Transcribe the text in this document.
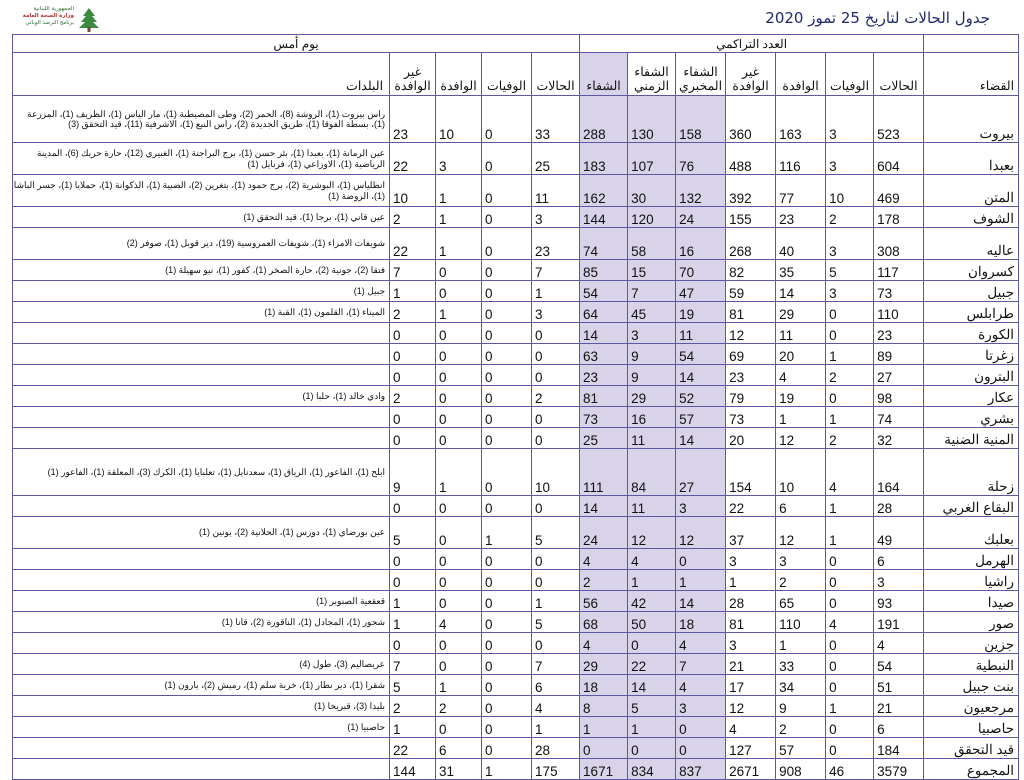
الجمهورية اللبنانية
وزارة الصحة العامة
برنامج الترصد الوبائي	جدول الحالات لتاريخ 25 تموز 2020
	العدد التراكمي							يوم أمس				
القضاء	الحالات	الوفيات	الوافدة	غير الوافدة	الشفاء المخبري	الشفاء الزمني	الشفاء	الحالات	الوفيات	الوافدة	غير الوافدة	البلدات
بيروت	523	3	163	360	158	130	288	33	0	10	23	راس بيروت (1)، الروشة (8)، الحمر (2)، وطى المصيطبة (1)، مار الياس (1)، الظريف (1)، المزرعة (1)، بسطة الفوقا (1)، طريق الجديدة (2)، راس النبع (1)، الاشرفية (11)، قيد التحقق (3)
بعبدا	604	3	116	488	76	107	183	25	0	3	22	عين الرمانة (1)، بعبدا (1)، بئر حسن (1)، برج البراجنة (1)، الغبيري (12)، حارة حريك (6)، المدينة الرياضية (1)، الاوزاعي (1)، فرنايل (1)
المتن	469	10	77	392	132	30	162	11	0	1	10	انطلياس (1)، البوشرية (2)، برج حمود (1)، بتغرين (2)، الضبية (1)، الذكوانة (1)، حملايا (1)، جسر الباشا (1)، الروضة (1)
الشوف	178	2	23	155	24	120	144	3	0	1	2	عين قاني (1)، برجا (1)، قيد التحقق (1)
عاليه	308	3	40	268	16	58	74	23	0	1	22	شويفات الامراء (1)، شويفات العمروسية (19)، دير قوبل (1)، صوفر (2)
كسروان	117	5	35	82	70	15	85	7	0	0	7	فتقا (2)، جونية (2)، حارة الصخر (1)، كفور (1)، نيو سهيلة (1)
جبيل	73	3	14	59	47	7	54	1	0	0	1	جبيل (1)
طرابلس	110	0	29	81	19	45	64	3	0	1	2	الميناء (1)، القلمون (1)، القبة (1)
الكورة	23	0	11	12	11	3	14	0	0	0	0	
زغرتا	89	1	20	69	54	9	63	0	0	0	0	
البترون	27	2	4	23	14	9	23	0	0	0	0	
عكار	98	0	19	79	52	29	81	2	0	0	2	وادي خالد (1)، حلبا (1)
بشري	74	1	1	73	57	16	73	0	0	0	0	
المنية الضنية	32	2	12	20	14	11	25	0	0	0	0	
زحلة	164	4	10	154	27	84	111	10	0	1	9	ابلح (1)، الفاعور (1)، الرياق (1)، سعدنايل (1)، تعلبايا (1)، الكرك (3)، المعلقة (1)، الفاعور (1)
البقاع الغربي	28	1	6	22	3	11	14	0	0	0	0	
بعلبك	49	1	12	37	12	12	24	5	1	0	5	عين بورضاي (1)، دورس (1)، الحلانية (2)، يونين (1)
الهرمل	6	0	3	3	0	4	4	0	0	0	0	
راشيا	3	0	2	1	1	1	2	0	0	0	0	
صيدا	93	0	65	28	14	42	56	1	0	0	1	قعقعية الصنوبر (1)
صور	191	4	110	81	18	50	68	5	0	4	1	شحور (1)، المجادل (1)، الناقورة (2)، قانا (1)
جزين	4	0	1	3	4	0	4	0	0	0	0	
النبطية	54	0	33	21	7	22	29	7	0	0	7	عربصاليم (3)، طول (4)
بنت جبيل	51	0	34	17	4	14	18	6	0	1	5	شقرا (1)، دير نطار (1)، خربة سلم (1)، رميش (2)، يارون (1)
مرجعيون	21	1	9	12	3	5	8	4	0	2	2	بليدا (3)، قبريخا (1)
حاصبيا	6	0	2	4	0	1	1	1	0	0	1	حاصبيا (1)
قيد التحقق	184	0	57	127	0	0	0	28	0	6	22	
المجموع	3579	46	908	2671	837	834	1671	175	1	31	144	
